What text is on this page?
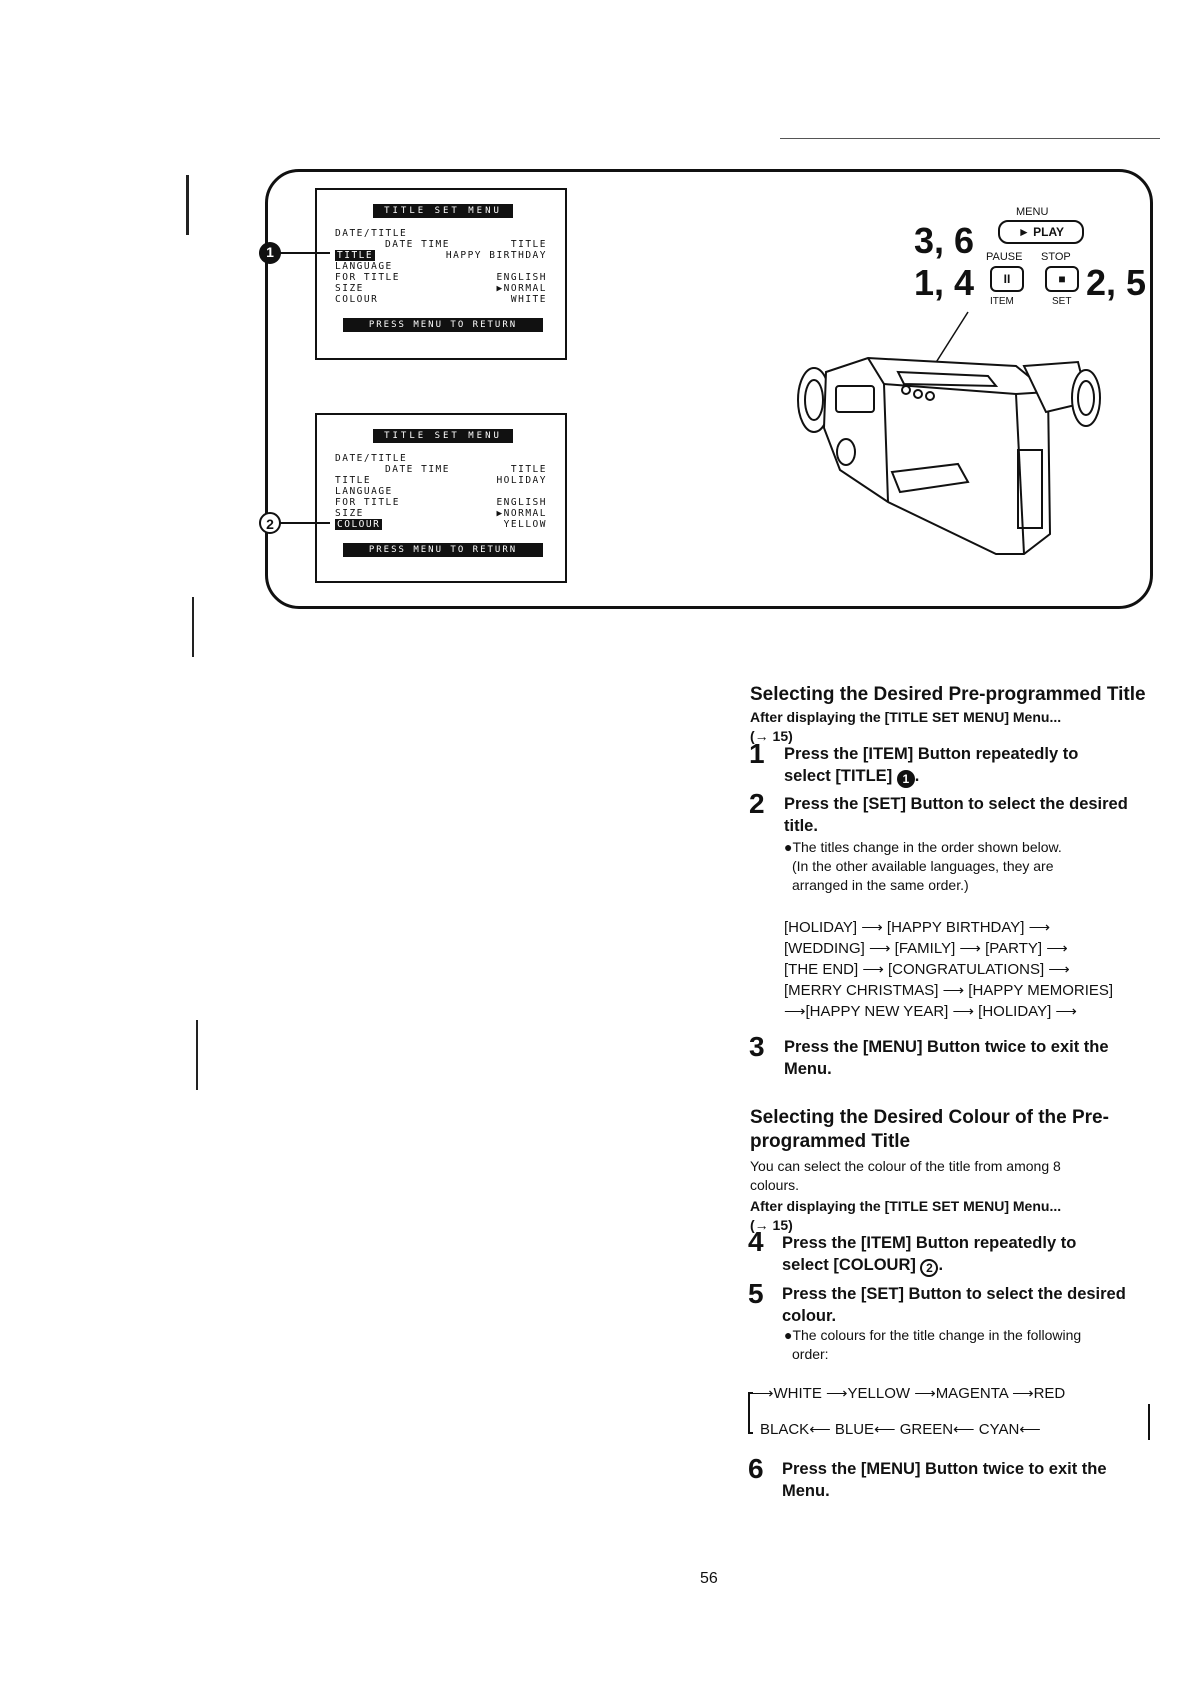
TITLE SET MENU
DATE/TITLE
DATE TIME	TITLE
TITLE	HAPPY BIRTHDAY
LANGUAGE
FOR TITLE	ENGLISH
SIZE	▶NORMAL
COLOUR	WHITE
PRESS MENU TO RETURN
1
TITLE SET MENU
DATE/TITLE
DATE TIME	TITLE
TITLE	HOLIDAY
LANGUAGE
FOR TITLE	ENGLISH
SIZE	▶NORMAL
COLOUR	YELLOW
PRESS MENU TO RETURN
2
3, 6
1, 4	2, 5
MENU
► PLAY
PAUSE STOP
II	■
ITEM	SET
Selecting the Desired Pre-programmed Title
After displaying the [TITLE SET MENU] Menu...
(→ 15)
1 Press the [ITEM] Button repeatedly to
select [TITLE] 1 .
2 Press the [SET] Button to select the desired
title.
●The titles change in the order shown below.
(In the other available languages, they are
arranged in the same order.)
[HOLIDAY] ⟶ [HAPPY BIRTHDAY] ⟶
[WEDDING] ⟶ [FAMILY] ⟶ [PARTY] ⟶
[THE END] ⟶ [CONGRATULATIONS] ⟶
[MERRY CHRISTMAS] ⟶ [HAPPY MEMORIES]
⟶[HAPPY NEW YEAR] ⟶ [HOLIDAY] ⟶
3 Press the [MENU] Button twice to exit the
Menu.
Selecting the Desired Colour of the Pre-
programmed Title
You can select the colour of the title from among 8
colours.
After displaying the [TITLE SET MENU] Menu...
(→ 15)
4 Press the [ITEM] Button repeatedly to
select [COLOUR] 2 .
5 Press the [SET] Button to select the desired
colour.
●The colours for the title change in the following
order:
⟶WHITE ⟶YELLOW ⟶MAGENTA ⟶RED
BLACK⟵ BLUE⟵ GREEN⟵ CYAN⟵
6 Press the [MENU] Button twice to exit the
Menu.
56
